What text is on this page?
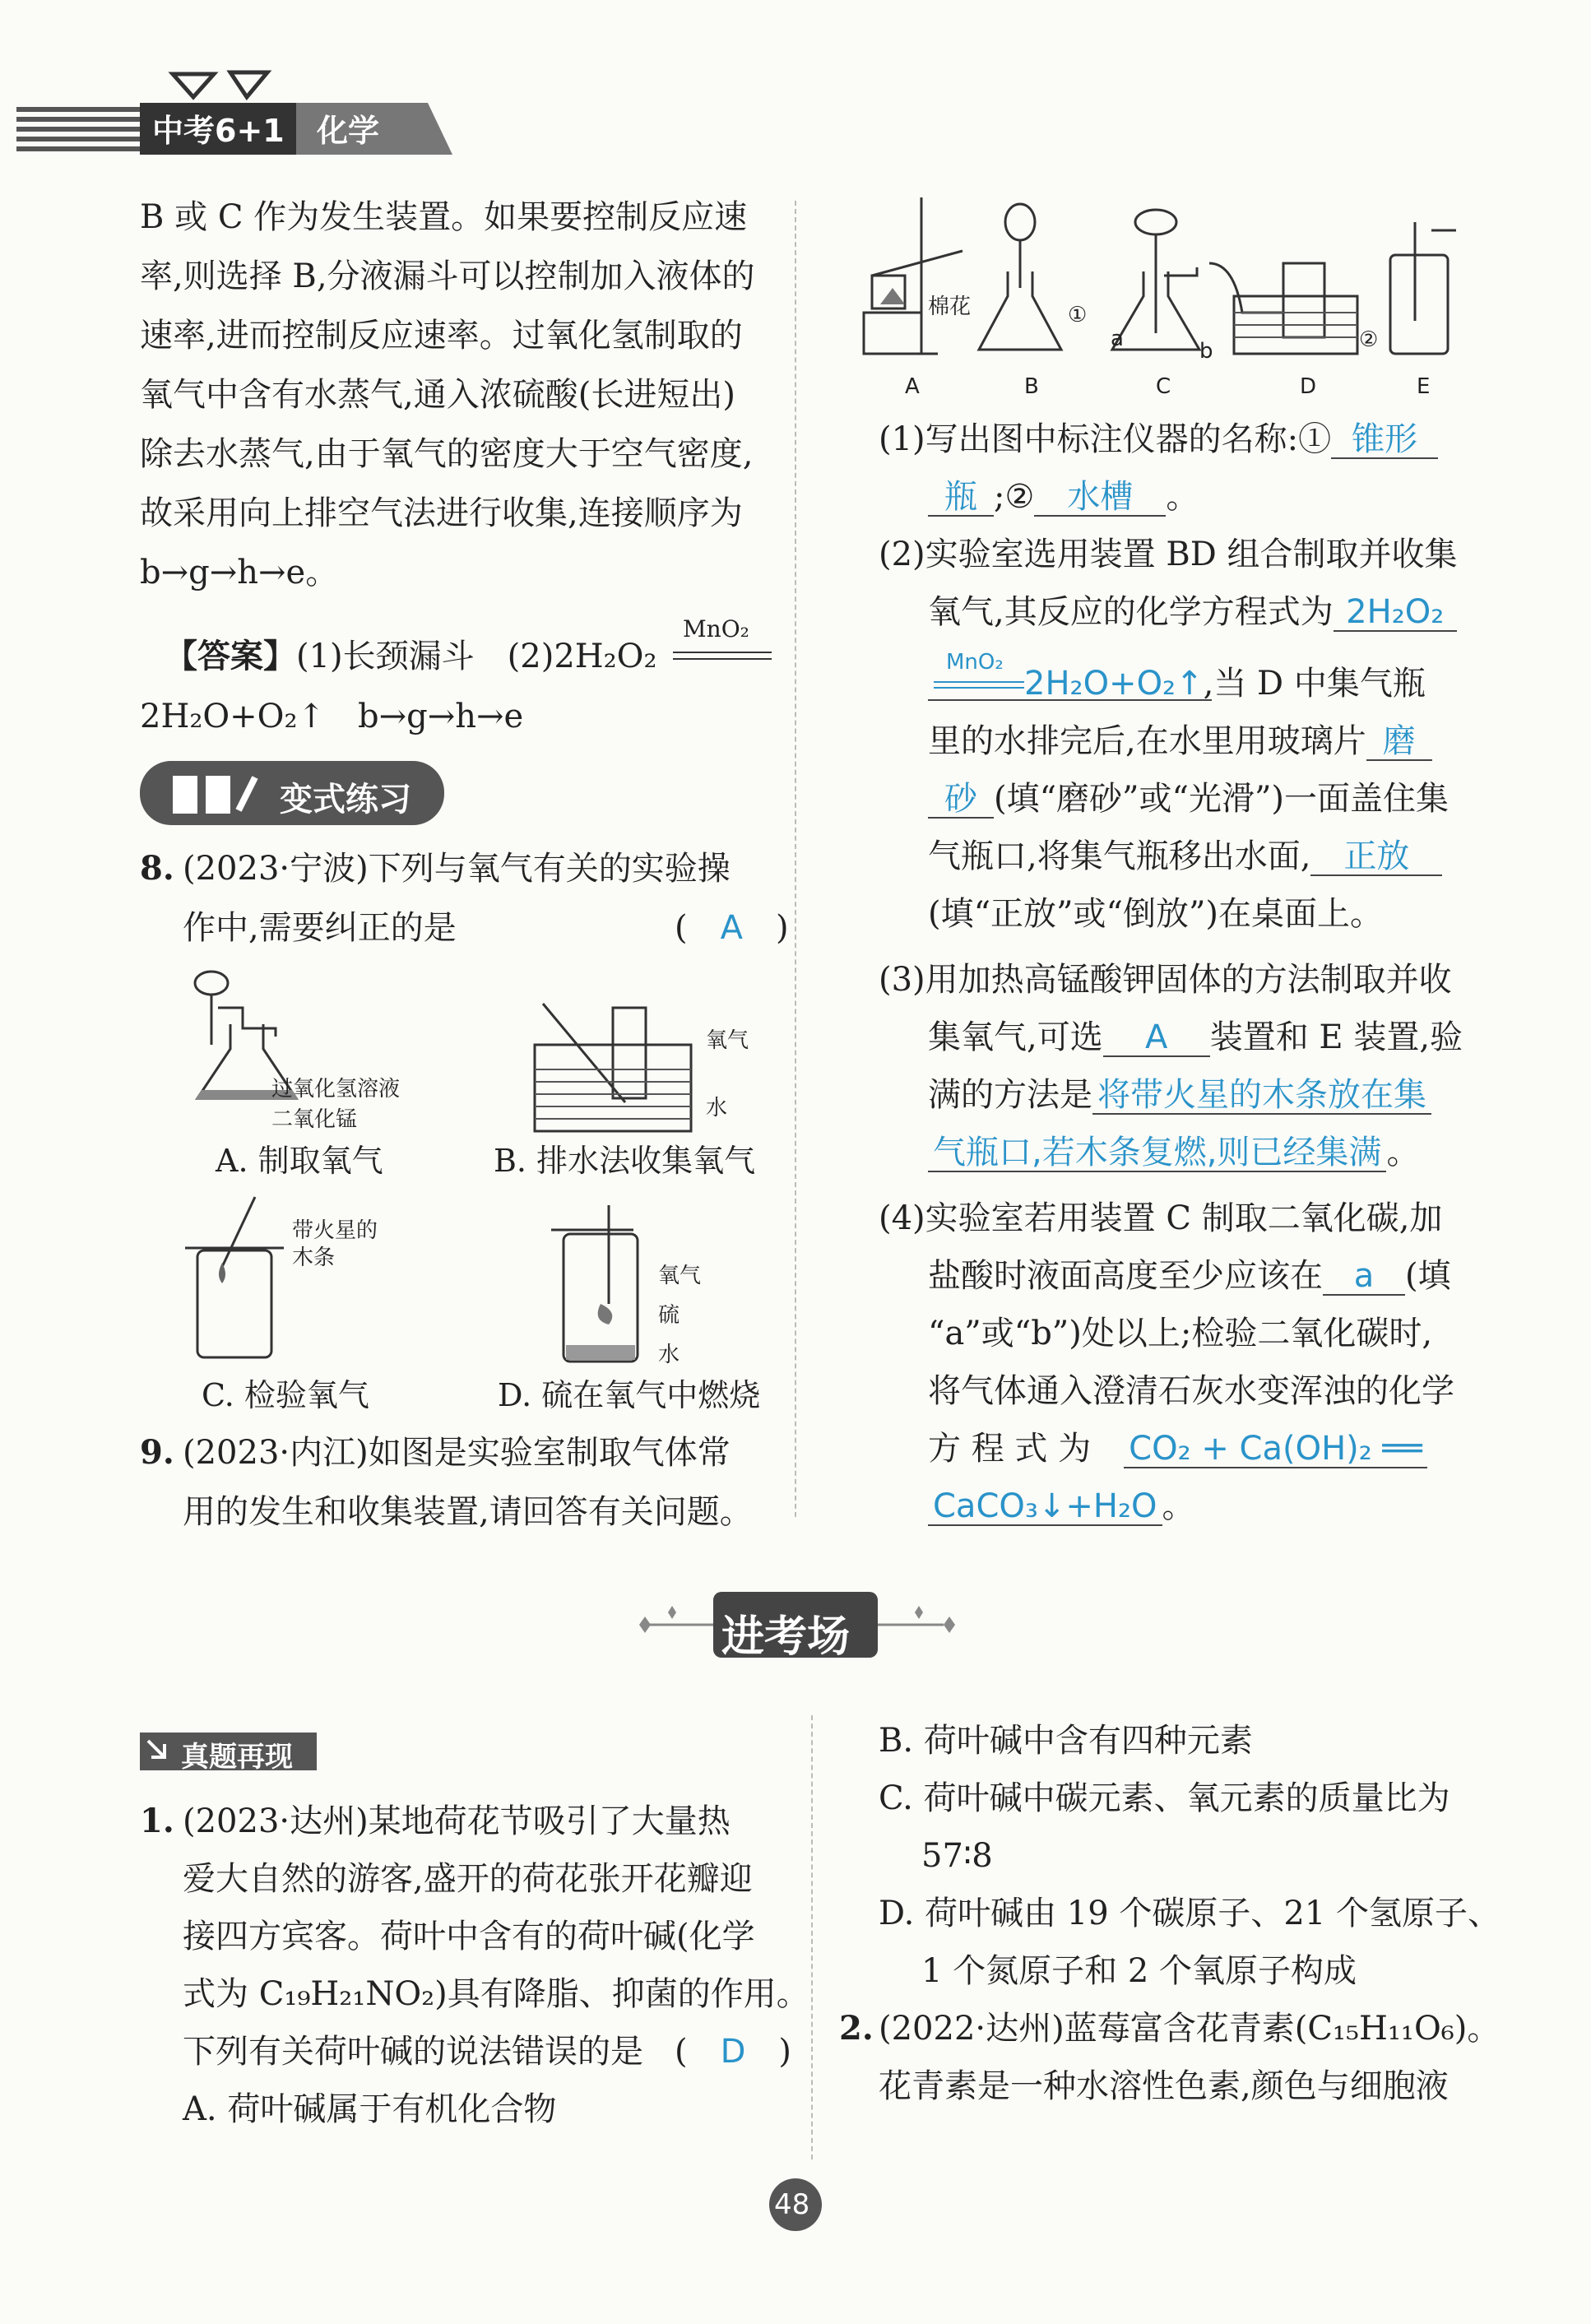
中考6+1 化学
B 或 C 作为发生装置。如果要控制反应速
率,则选择 B,分液漏斗可以控制加入液体的
速率,进而控制反应速率。过氧化氢制取的
氧气中含有水蒸气,通入浓硫酸(长进短出)
除去水蒸气,由于氧气的密度大于空气密度,
故采用向上排空气法进行收集,连接顺序为
b→g→h→e。
【答案】(1)长颈漏斗　(2)2H₂O₂
MnO₂
2H₂O+O₂↑　b→g→h→e
变式练习
8. (2023·宁波)下列与氧气有关的实验操
作中,需要纠正的是	(　A　)
过氧化氢溶液
二氧化锰
A. 制取氧气
氧气
水
B. 排水法收集氧气
带火星的
木条
C. 检验氧气
氧气
硫
水
D. 硫在氧气中燃烧
9. (2023·内江)如图是实验室制取气体常
用的发生和收集装置,请回答有关问题。
棉花	①
a	b	②
A	B	C	D	E
(1)写出图中标注仪器的名称:① 锥形
瓶 ;② 水槽 。
(2)实验室选用装置 BD 组合制取并收集
氧气,其反应的化学方程式为 2H₂O₂
MnO₂
2H₂O+O₂↑,当 D 中集气瓶
里的水排完后,在水里用玻璃片 磨
砂 (填“磨砂”或“光滑”)一面盖住集
气瓶口,将集气瓶移出水面, 正放
(填“正放”或“倒放”)在桌面上。
(3)用加热高锰酸钾固体的方法制取并收
集氧气,可选 A 装置和 E 装置,验
满的方法是 将带火星的木条放在集
气瓶口,若木条复燃,则已经集满 。
(4)实验室若用装置 C 制取二氧化碳,加
盐酸时液面高度至少应该在 a (填
“a”或“b”)处以上;检验二氧化碳时,
将气体通入澄清石灰水变浑浊的化学
方 程 式 为　 CO₂ + Ca(OH)₂ ══
CaCO₃↓+H₂O 。
进考场
真题再现
1. (2023·达州)某地荷花节吸引了大量热
爱大自然的游客,盛开的荷花张开花瓣迎
接四方宾客。荷叶中含有的荷叶碱(化学
式为 C₁₉H₂₁NO₂)具有降脂、抑菌的作用。
下列有关荷叶碱的说法错误的是 (　D　)
A. 荷叶碱属于有机化合物
B. 荷叶碱中含有四种元素
C. 荷叶碱中碳元素、氧元素的质量比为
57∶8
D. 荷叶碱由 19 个碳原子、21 个氢原子、
1 个氮原子和 2 个氧原子构成
2. (2022·达州)蓝莓富含花青素(C₁₅H₁₁O₆)。
花青素是一种水溶性色素,颜色与细胞液
48
